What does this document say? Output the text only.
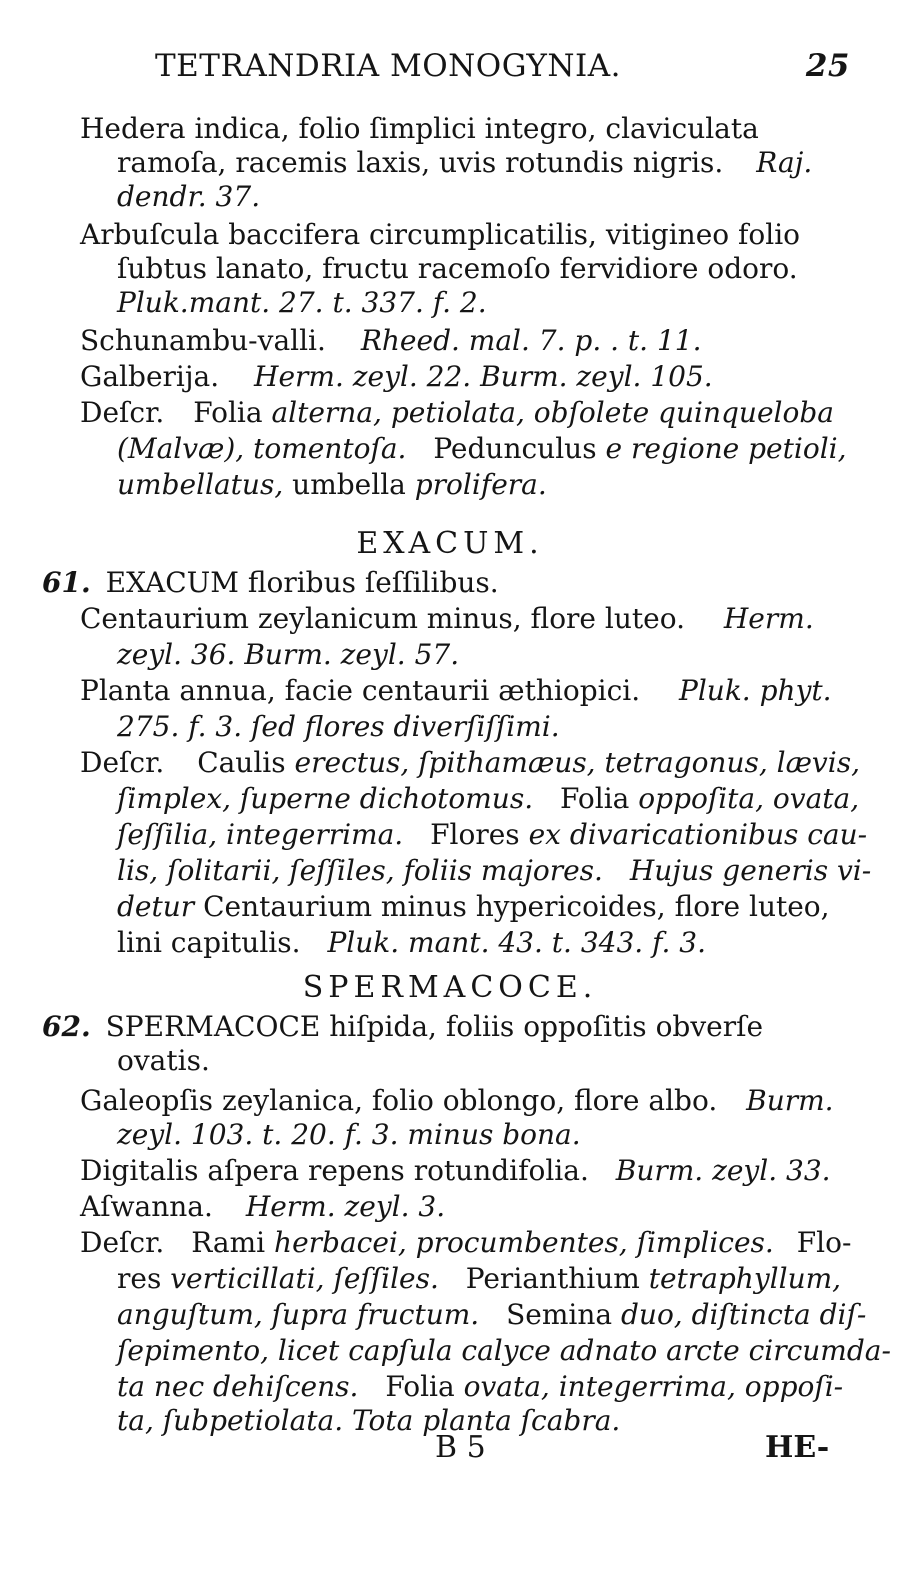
TETRANDRIA MONOGYNIA.	25
Hedera indica, folio ſimplici integro, claviculata
ramoſa, racemis laxis, uvis rotundis nigris. Raj.
dendr. 37.
Arbuſcula baccifera circumplicatilis, vitigineo folio
ſubtus lanato, fructu racemoſo fervidiore odoro.
Pluk.mant. 27. t. 337. f. 2.
Schunambu-valli. Rheed. mal. 7. p. . t. 11.
Galberija. Herm. zeyl. 22. Burm. zeyl. 105.
Deſcr. Folia alterna, petiolata, obſolete quinqueloba
(Malvæ), tomentoſa. Pedunculus e regione petioli,
umbellatus, umbella prolifera.
EXACUM.
61. EXACUM floribus ſeſſilibus.
Centaurium zeylanicum minus, flore luteo. Herm.
zeyl. 36. Burm. zeyl. 57.
Planta annua, facie centaurii æthiopici. Pluk. phyt.
275. f. 3. ſed flores diverſiſſimi.
Deſcr. Caulis erectus, ſpithamæus, tetragonus, lævis,
ſimplex, ſuperne dichotomus. Folia oppoſita, ovata,
ſeſſilia, integerrima. Flores ex divaricationibus cau-
lis, ſolitarii, ſeſſiles, foliis majores. Hujus generis vi-
detur Centaurium minus hypericoides, flore luteo,
lini capitulis. Pluk. mant. 43. t. 343. f. 3.
SPERMACOCE.
62. SPERMACOCE hiſpida, foliis oppoſitis obverſe
ovatis.
Galeopſis zeylanica, folio oblongo, flore albo. Burm.
zeyl. 103. t. 20. f. 3. minus bona.
Digitalis aſpera repens rotundifolia. Burm. zeyl. 33.
Aſwanna. Herm. zeyl. 3.
Deſcr. Rami herbacei, procumbentes, ſimplices. Flo-
res verticillati, ſeſſiles. Perianthium tetraphyllum,
anguſtum, ſupra fructum. Semina duo, diſtincta diſ-
ſepimento, licet capſula calyce adnato arcte circumda-
ta nec dehiſcens. Folia ovata, integerrima, oppoſi-
ta, ſubpetiolata. Tota planta ſcabra.
B 5	HE-
